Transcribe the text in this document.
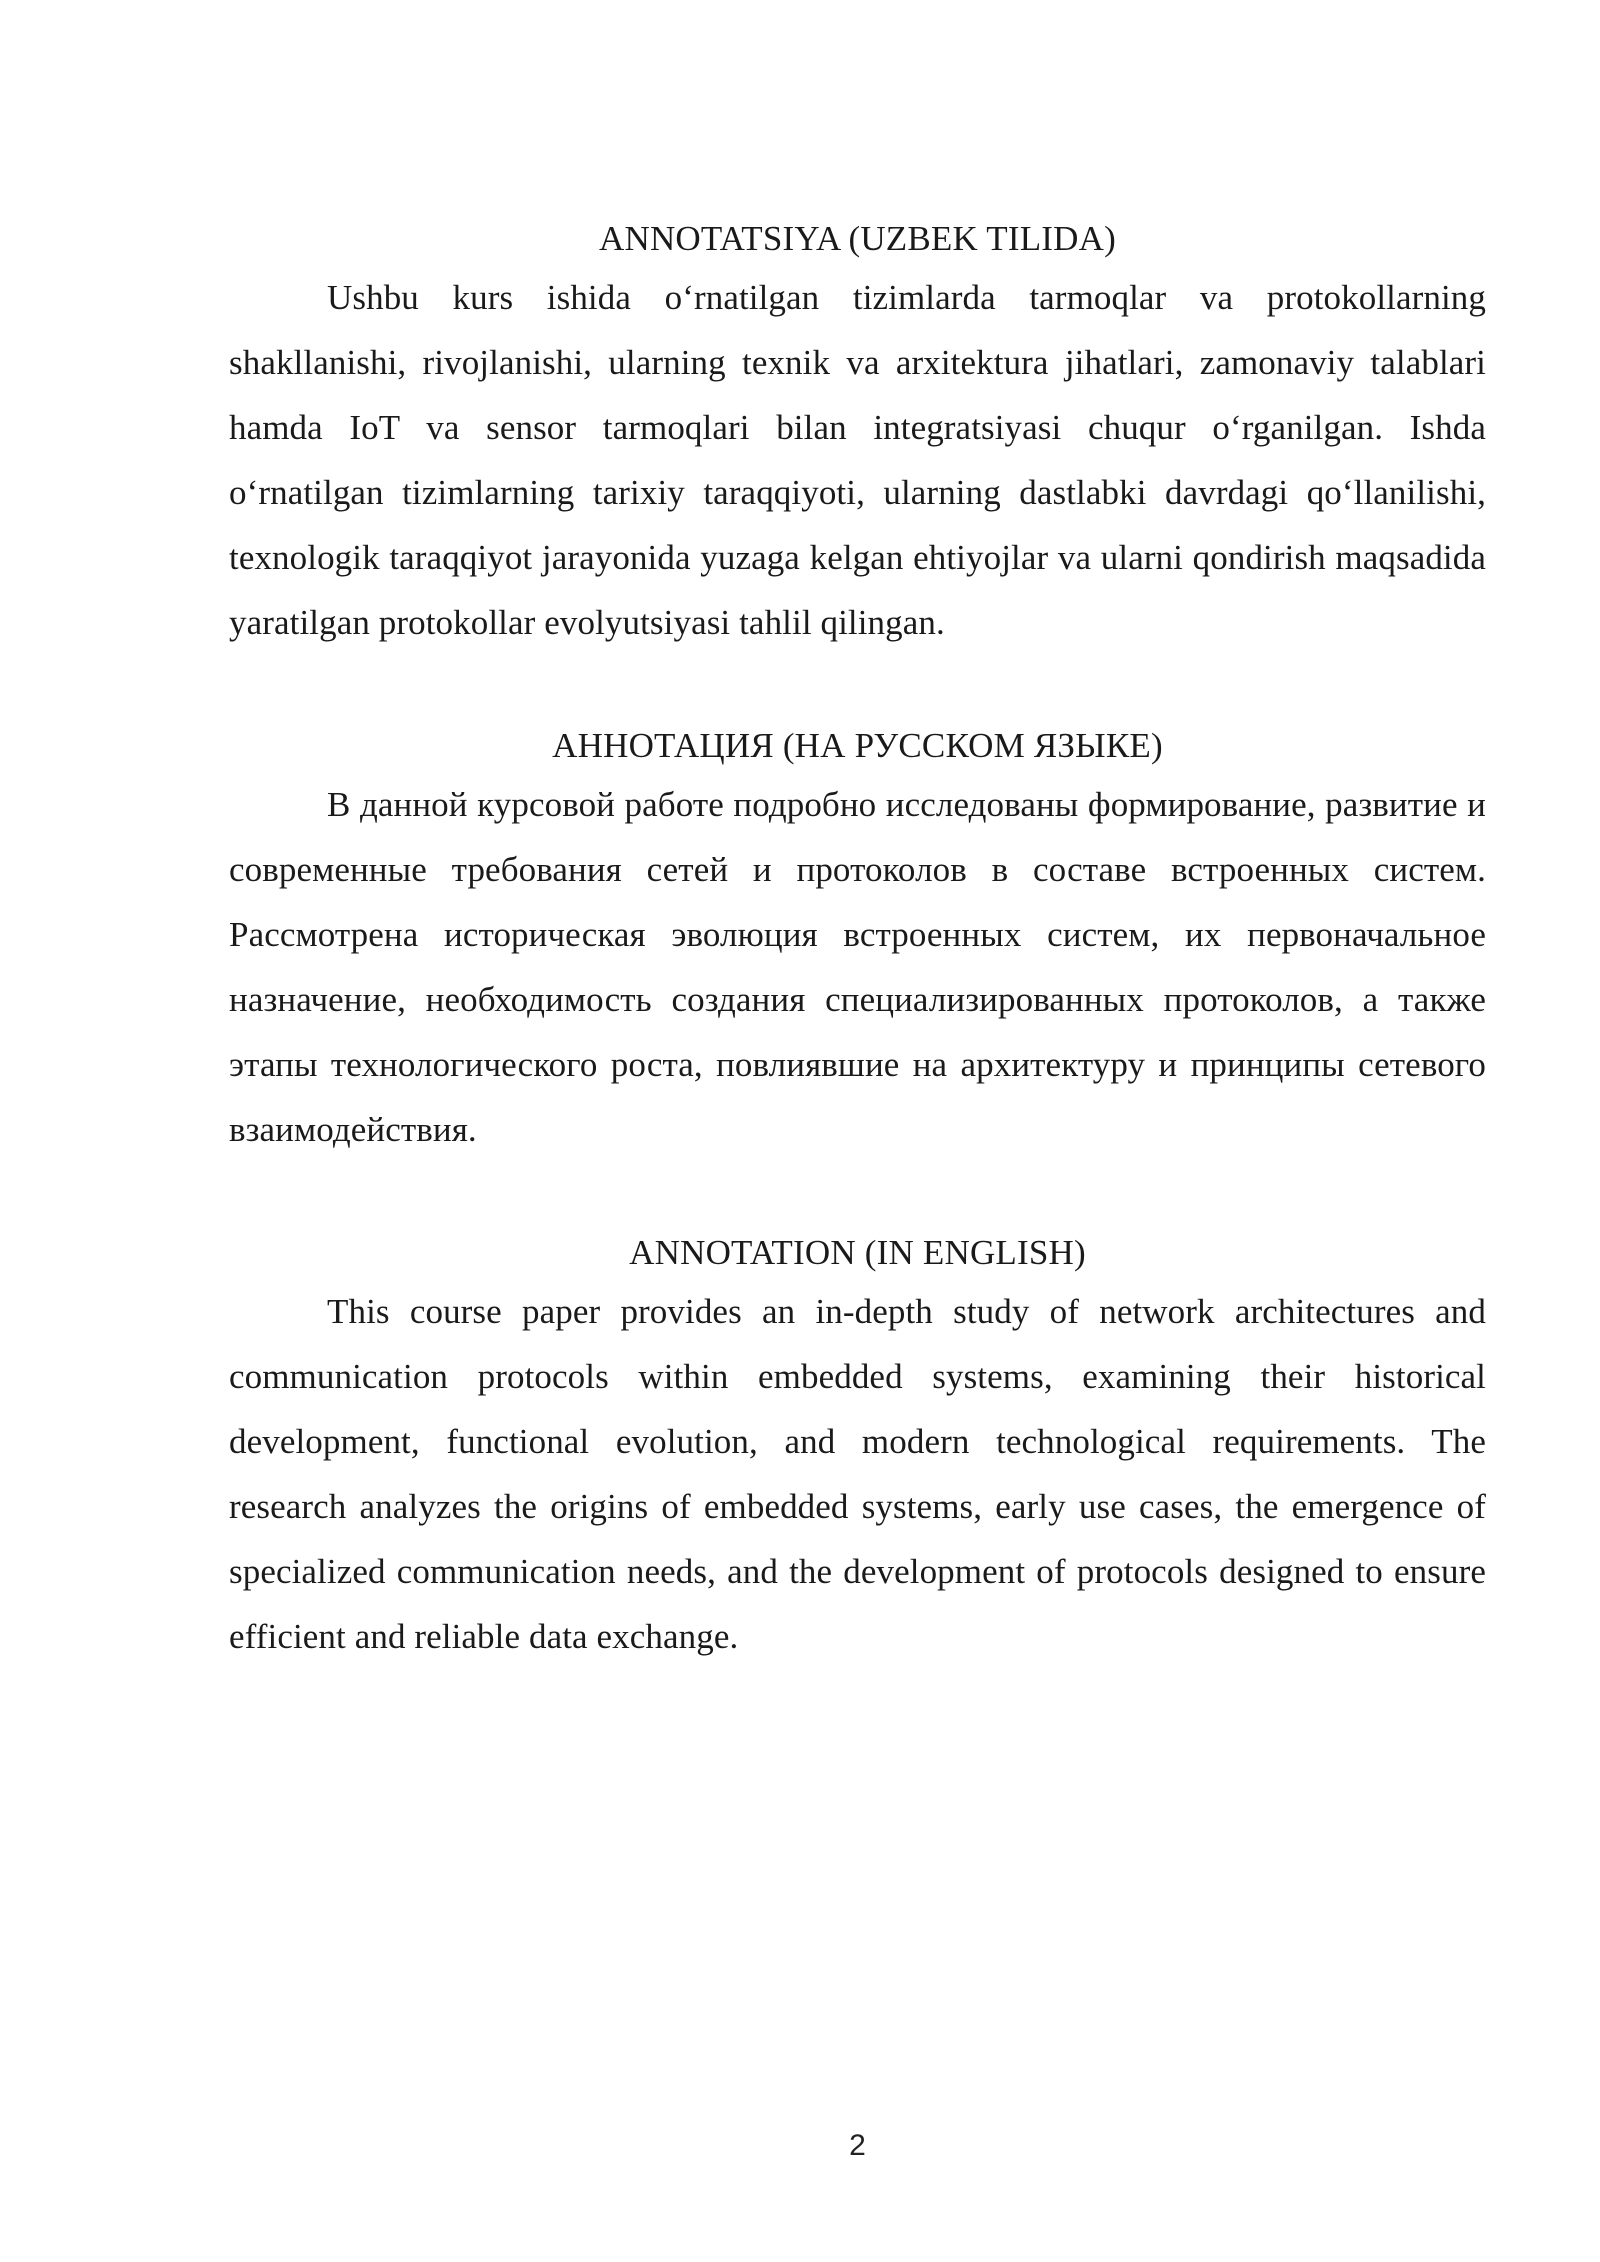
ANNOTATSIYA (UZBEK TILIDA)

Ushbu kurs ishida oʻrnatilgan tizimlarda tarmoqlar va protokollarning shakllanishi, rivojlanishi, ularning texnik va arxitektura jihatlari, zamonaviy talablari hamda IoT va sensor tarmoqlari bilan integratsiyasi chuqur oʻrganilgan. Ishda oʻrnatilgan tizimlarning tarixiy taraqqiyoti, ularning dastlabki davrdagi qoʻllanilishi, texnologik taraqqiyot jarayonida yuzaga kelgan ehtiyojlar va ularni qondirish maqsadida yaratilgan protokollar evolyutsiyasi tahlil qilingan.

АННОТАЦИЯ (НА РУССКОМ ЯЗЫКЕ)

В данной курсовой работе подробно исследованы формирование, развитие и современные требования сетей и протоколов в составе встроенных систем. Рассмотрена историческая эволюция встроенных систем, их первоначальное назначение, необходимость создания специализированных протоколов, а также этапы технологического роста, повлиявшие на архитектуру и принципы сетевого взаимодействия.

ANNOTATION (IN ENGLISH)

This course paper provides an in-depth study of network architectures and communication protocols within embedded systems, examining their historical development, functional evolution, and modern technological requirements. The research analyzes the origins of embedded systems, early use cases, the emergence of specialized communication needs, and the development of protocols designed to ensure efficient and reliable data exchange.

2
